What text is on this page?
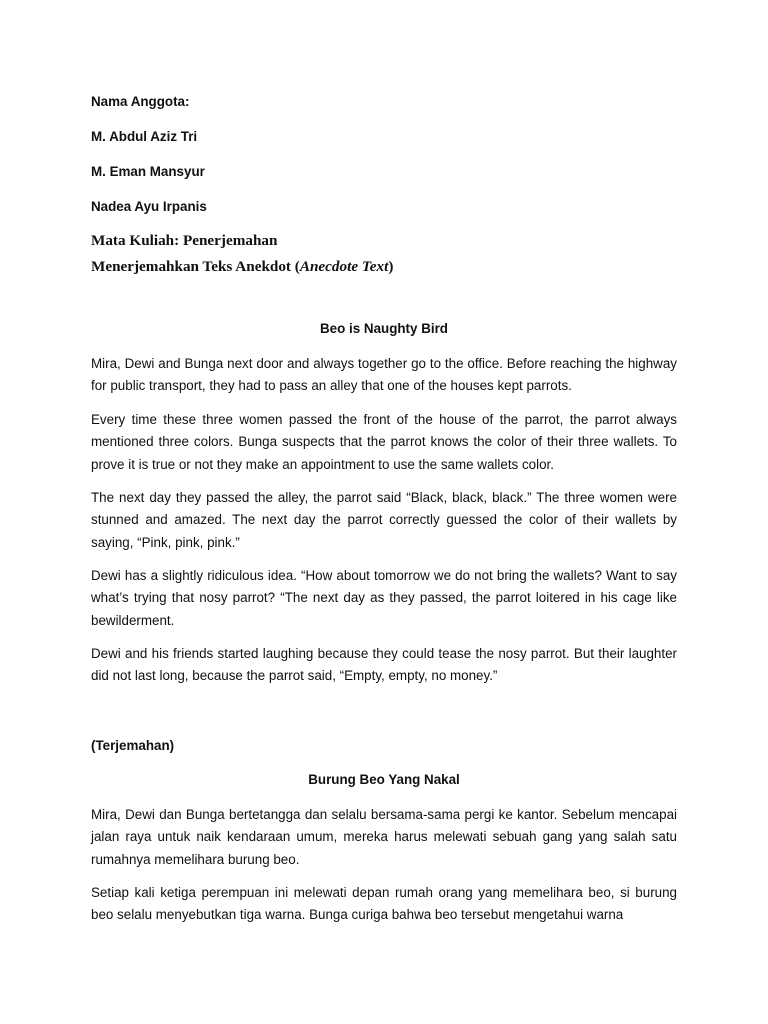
Nama Anggota:
M. Abdul Aziz Tri
M. Eman Mansyur
Nadea Ayu Irpanis
Mata Kuliah: Penerjemahan
Menerjemahkan Teks Anekdot (Anecdote Text)
Beo is Naughty Bird

Mira, Dewi and Bunga next door and always together go to the office. Before reaching the highway for public transport, they had to pass an alley that one of the houses kept parrots.

Every time these three women passed the front of the house of the parrot, the parrot always mentioned three colors. Bunga suspects that the parrot knows the color of their three wallets. To prove it is true or not they make an appointment to use the same wallets color.

The next day they passed the alley, the parrot said “Black, black, black.” The three women were stunned and amazed. The next day the parrot correctly guessed the color of their wallets by saying, “Pink, pink, pink.”

Dewi has a slightly ridiculous idea. “How about tomorrow we do not bring the wallets? Want to say what’s trying that nosy parrot? “The next day as they passed, the parrot loitered in his cage like bewilderment.

Dewi and his friends started laughing because they could tease the nosy parrot. But their laughter did not last long, because the parrot said, “Empty, empty, no money.”

(Terjemahan)
Burung Beo Yang Nakal

Mira, Dewi dan Bunga bertetangga dan selalu bersama-sama pergi ke kantor. Sebelum mencapai jalan raya untuk naik kendaraan umum, mereka harus melewati sebuah gang yang salah satu rumahnya memelihara burung beo.

Setiap kali ketiga perempuan ini melewati depan rumah orang yang memelihara beo, si burung beo selalu menyebutkan tiga warna. Bunga curiga bahwa beo tersebut mengetahui warna
